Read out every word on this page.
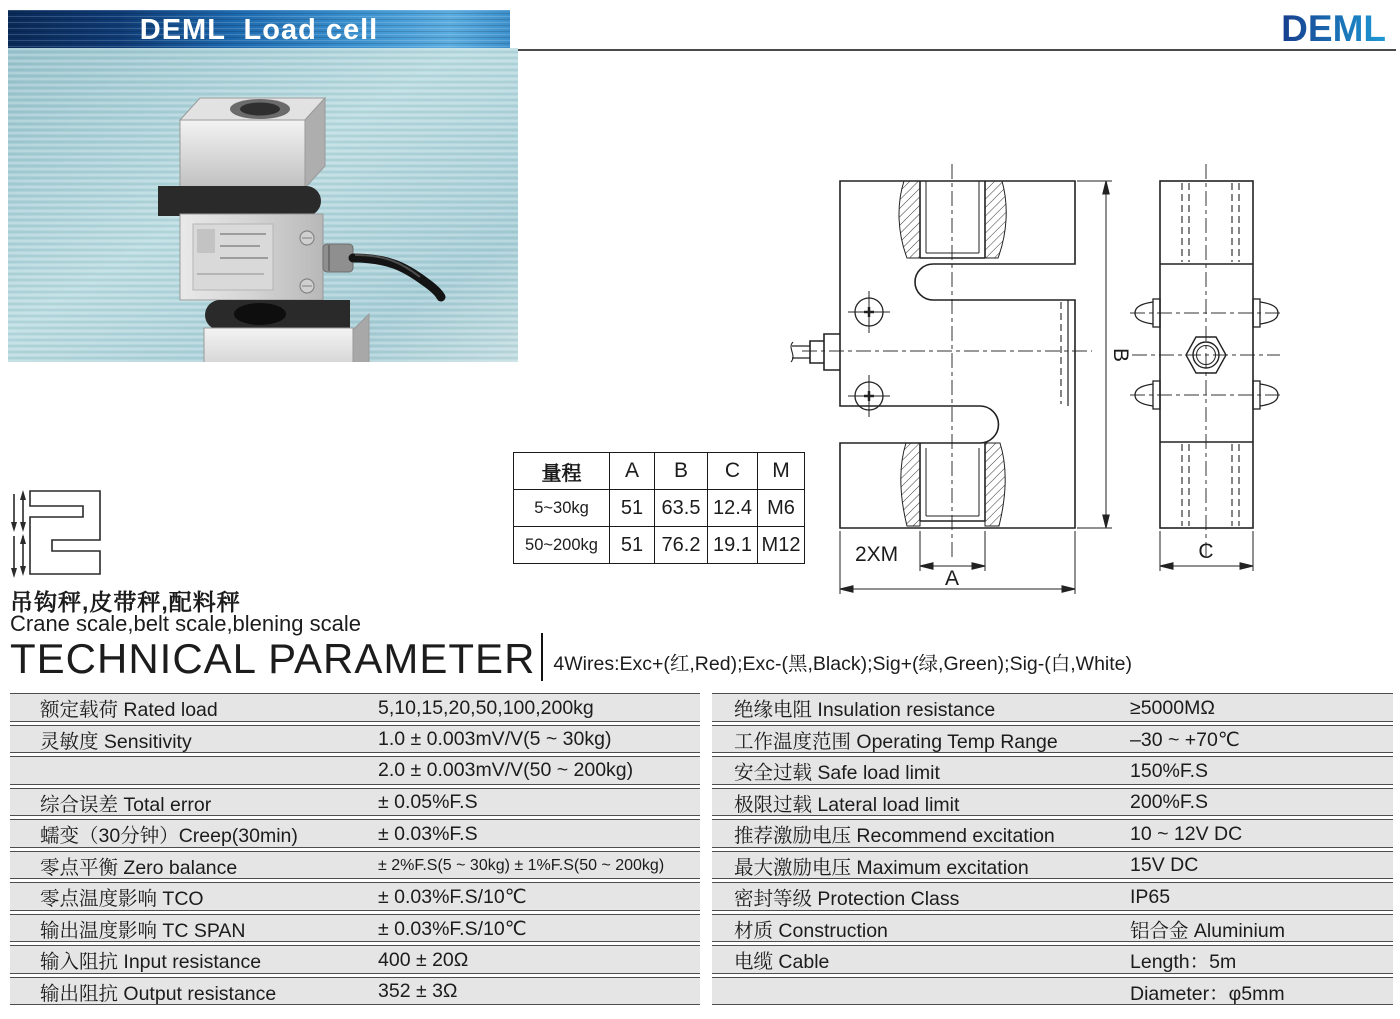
DEML  Load cell	DEML
2XM
A
B
C
量程	A	B	C	M
5~30kg	51	63.5	12.4	M6
50~200kg	51	76.2	19.1	M12
吊钩秤,皮带秤,配料秤
Crane scale,belt scale,blening scale
TECHNICAL PARAMETER 4Wires:Exc+(红,Red);Exc-(黑,Black);Sig+(绿,Green);Sig-(白,White)
额定载荷 Rated load	5,10,15,20,50,100,200kg
灵敏度 Sensitivity	1.0 ± 0.003mV/V(5 ~ 30kg)
2.0 ± 0.003mV/V(50 ~ 200kg)
综合误差 Total error	± 0.05%F.S
蠕变（30分钟）Creep(30min)	± 0.03%F.S
零点平衡 Zero balance	± 2%F.S(5 ~ 30kg) ± 1%F.S(50 ~ 200kg)
零点温度影响 TCO	± 0.03%F.S/10℃
输出温度影响 TC SPAN	± 0.03%F.S/10℃
输入阻抗 Input resistance	400 ± 20Ω
输出阻抗 Output resistance	352 ± 3Ω
绝缘电阻 Insulation resistance	≥5000MΩ
工作温度范围 Operating Temp Range	–30 ~ +70℃
安全过载 Safe load limit	150%F.S
极限过载 Lateral load limit	200%F.S
推荐激励电压 Recommend excitation	10 ~ 12V DC
最大激励电压 Maximum excitation	15V DC
密封等级 Protection Class	IP65
材质 Construction	铝合金 Aluminium
电缆 Cable	Length：5m
Diameter：φ5mm
